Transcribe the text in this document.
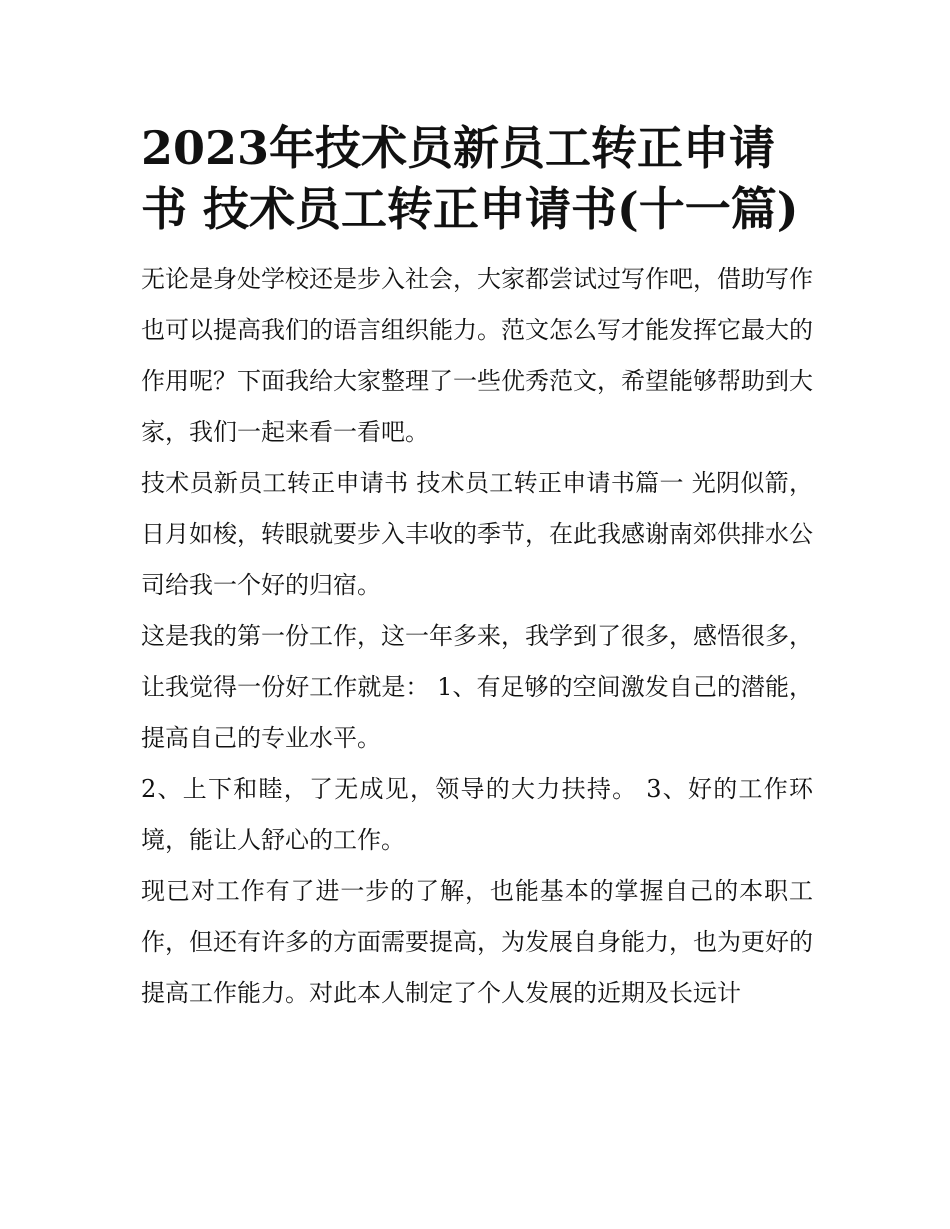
2023年技术员新员工转正申请书 技术员工转正申请书(十一篇)

无论是身处学校还是步入社会，大家都尝试过写作吧，借助写作也可以提高我们的语言组织能力。范文怎么写才能发挥它最大的作用呢？下面我给大家整理了一些优秀范文，希望能够帮助到大家，我们一起来看一看吧。

技术员新员工转正申请书 技术员工转正申请书篇一 光阴似箭，日月如梭，转眼就要步入丰收的季节，在此我感谢南郊供排水公司给我一个好的归宿。

这是我的第一份工作，这一年多来，我学到了很多，感悟很多，让我觉得一份好工作就是： 1、有足够的空间激发自己的潜能，提高自己的专业水平。

2、上下和睦，了无成见，领导的大力扶持。 3、好的工作环境，能让人舒心的工作。

现已对工作有了进一步的了解，也能基本的掌握自己的本职工作，但还有许多的方面需要提高，为发展自身能力，也为更好的提高工作能力。对此本人制定了个人发展的近期及长远计
